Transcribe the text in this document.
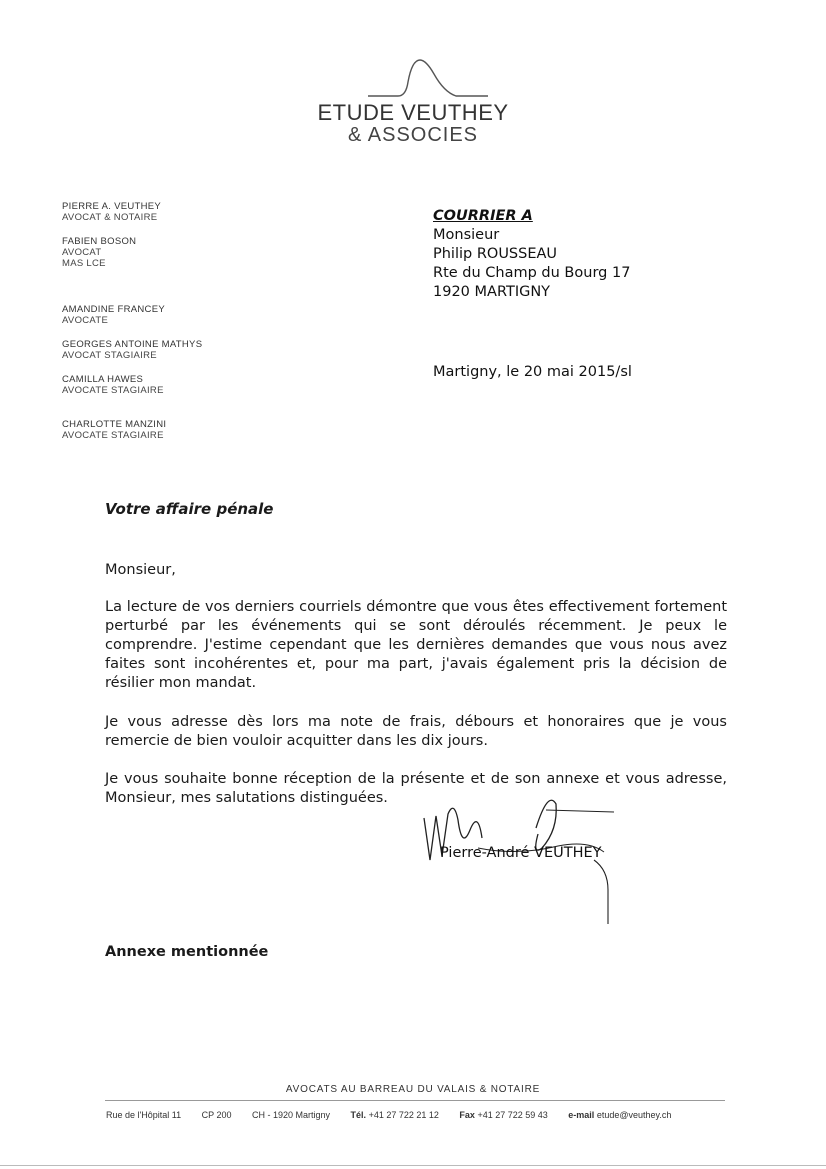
ETUDE VEUTHEY
& ASSOCIES
PIERRE A. VEUTHEY
AVOCAT & NOTAIRE
FABIEN BOSON
AVOCAT
MAS LCE
AMANDINE FRANCEY
AVOCATE
GEORGES ANTOINE MATHYS
AVOCAT STAGIAIRE
CAMILLA HAWES
AVOCATE STAGIAIRE
CHARLOTTE MANZINI
AVOCATE STAGIAIRE
COURRIER A
Monsieur
Philip ROUSSEAU
Rte du Champ du Bourg 17
1920 MARTIGNY
Martigny, le 20 mai 2015/sl
Votre affaire pénale
Monsieur,
La lecture de vos derniers courriels démontre que vous êtes effectivement fortement perturbé par les événements qui se sont déroulés récemment. Je peux le comprendre. J'estime cependant que les dernières demandes que vous nous avez faites sont incohérentes et, pour ma part, j'avais également pris la décision de résilier mon mandat.
Je vous adresse dès lors ma note de frais, débours et honoraires que je vous remercie de bien vouloir acquitter dans les dix jours.
Je vous souhaite bonne réception de la présente et de son annexe et vous adresse, Monsieur, mes salutations distinguées.
Pierre-André VEUTHEY
Annexe mentionnée
AVOCATS AU BARREAU DU VALAIS & NOTAIRE
Rue de l'Hôpital 11 CP 200 CH - 1920 Martigny Tél. +41 27 722 21 12 Fax +41 27 722 59 43 e-mail etude@veuthey.ch
